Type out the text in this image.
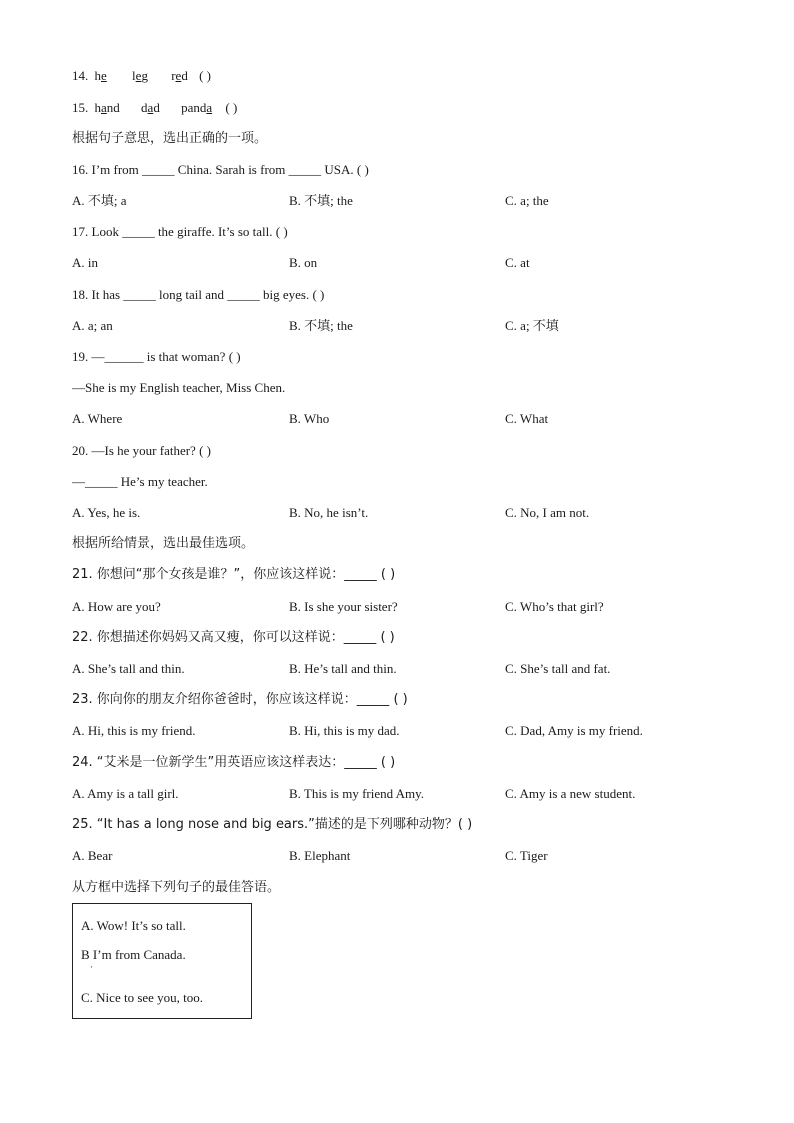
14. he leg red ( )
15. hand dad panda ( )
根据句子意思，选出正确的一项。
16. I’m from _____ China. Sarah is from _____ USA. ( )
A. 不填; a	B. 不填; the	C. a; the
17. Look _____ the giraffe. It’s so tall. ( )
A. in	B. on	C. at
18. It has _____ long tail and _____ big eyes. ( )
A. a; an	B. 不填; the	C. a; 不填
19. —______ is that woman? ( )
—She is my English teacher, Miss Chen.
A. Where	B. Who	C. What
20. —Is he your father? ( )
—_____ He’s my teacher.
A. Yes, he is.	B. No, he isn’t.	C. No, I am not.
根据所给情景，选出最佳选项。
21. 你想问“那个女孩是谁？”，你应该这样说：_____ ( )
A. How are you?	B. Is she your sister?	C. Who’s that girl?
22. 你想描述你妈妈又高又瘦，你可以这样说：_____ ( )
A. She’s tall and thin.	B. He’s tall and thin.	C. She’s tall and fat.
23. 你向你的朋友介绍你爸爸时，你应该这样说：_____ ( )
A. Hi, this is my friend.	B. Hi, this is my dad.	C. Dad, Amy is my friend.
24. “艾米是一位新学生”用英语应该这样表达：_____ ( )
A. Amy is a tall girl.	B. This is my friend Amy.	C. Amy is a new student.
25. “It has a long nose and big ears.”描述的是下列哪种动物？( )
A. Bear	B. Elephant	C. Tiger
从方框中选择下列句子的最佳答语。
A. Wow! It’s so tall.
B I’m from Canada.
·
C. Nice to see you, too.
